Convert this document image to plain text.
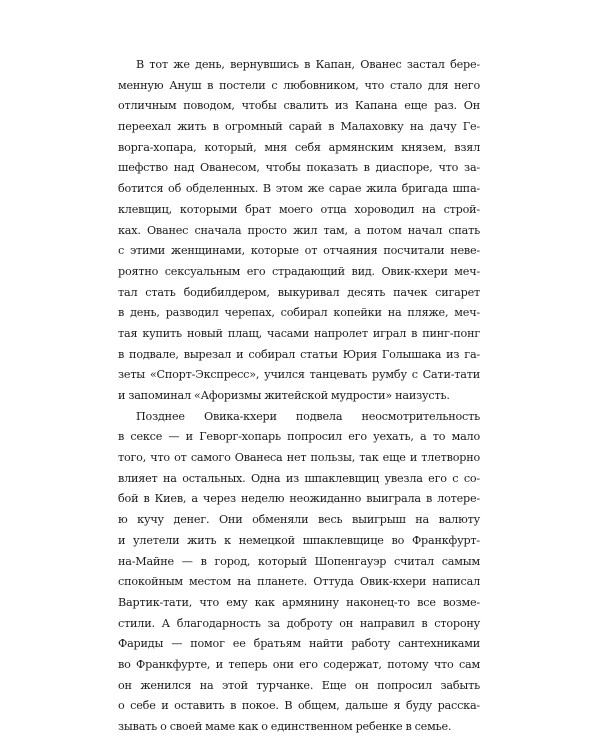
В тот же день, вернувшись в Капан, Ованес застал бере-
менную Ануш в постели с любовником, что стало для него
отличным поводом, чтобы свалить из Капана еще раз. Он
переехал жить в огромный сарай в Малаховку на дачу Ге-
ворга-хопара, который, мня себя армянским князем, взял
шефство над Ованесом, чтобы показать в диаспоре, что за-
ботится об обделенных. В этом же сарае жила бригада шпа-
клевщиц, которыми брат моего отца хороводил на строй-
ках. Ованес сначала просто жил там, а потом начал спать
с этими женщинами, которые от отчаяния посчитали неве-
роятно сексуальным его страдающий вид. Овик-кхери меч-
тал стать бодибилдером, выкуривал десять пачек сигарет
в день, разводил черепах, собирал копейки на пляже, меч-
тая купить новый плащ, часами напролет играл в пинг-понг
в подвале, вырезал и собирал статьи Юрия Голышака из га-
зеты «Спорт-Экспресс», учился танцевать румбу с Сати-тати
и запоминал «Афоризмы житейской мудрости» наизусть.
Позднее Овика-кхери подвела неосмотрительность
в сексе — и Геворг-хопарь попросил его уехать, а то мало
того, что от самого Ованеса нет пользы, так еще и тлетворно
влияет на остальных. Одна из шпаклевщиц увезла его с со-
бой в Киев, а через неделю неожиданно выиграла в лотере-
ю кучу денег. Они обменяли весь выигрыш на валюту
и улетели жить к немецкой шпаклевщице во Франкфурт-
на-Майне — в город, который Шопенгауэр считал самым
спокойным местом на планете. Оттуда Овик-кхери написал
Вартик-тати, что ему как армянину наконец-то все возме-
стили. А благодарность за доброту он направил в сторону
Фариды — помог ее братьям найти работу сантехниками
во Франкфурте, и теперь они его содержат, потому что сам
он женился на этой турчанке. Еще он попросил забыть
о себе и оставить в покое. В общем, дальше я буду расска-
зывать о своей маме как о единственном ребенке в семье.
